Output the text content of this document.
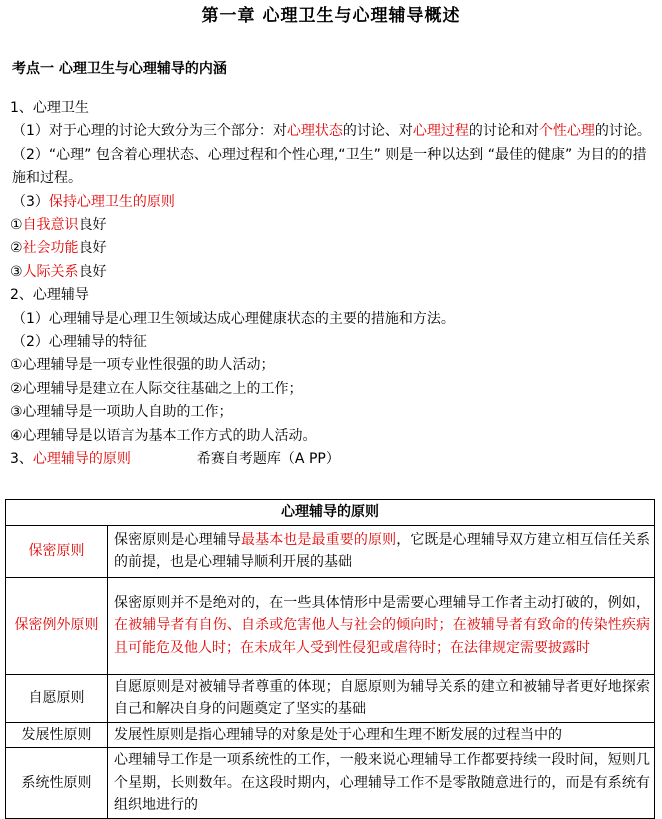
第一章 心理卫生与心理辅导概述
考点一 心理卫生与心理辅导的内涵
1、心理卫生
（1）对于心理的讨论大致分为三个部分：对心理状态的讨论、对心理过程的讨论和对个性心理的讨论。
（2）“心理” 包含着心理状态、心理过程和个性心理,“卫生” 则是一种以达到 “最佳的健康” 为目的的措施和过程。
（3）保持心理卫生的原则
①自我意识良好
②社会功能良好
③人际关系良好
2、心理辅导
（1）心理辅导是心理卫生领域达成心理健康状态的主要的措施和方法。
（2）心理辅导的特征
①心理辅导是一项专业性很强的助人活动；
②心理辅导是建立在人际交往基础之上的工作；
③心理辅导是一项助人自助的工作；
④心理辅导是以语言为基本工作方式的助人活动。
3、心理辅导的原则	希赛自考题库（A PP）
心理辅导的原则	
保密原则	保密原则是心理辅导最基本也是最重要的原则，它既是心理辅导双方建立相互信任关系的前提，也是心理辅导顺利开展的基础
保密例外原则	保密原则并不是绝对的，在一些具体情形中是需要心理辅导工作者主动打破的，例如，在被辅导者有自伤、自杀或危害他人与社会的倾向时；在被辅导者有致命的传染性疾病且可能危及他人时；在未成年人受到性侵犯或虐待时；在法律规定需要披露时
自愿原则	自愿原则是对被辅导者尊重的体现；自愿原则为辅导关系的建立和被辅导者更好地探索自己和解决自身的问题奠定了坚实的基础
发展性原则	发展性原则是指心理辅导的对象是处于心理和生理不断发展的过程当中的
系统性原则	心理辅导工作是一项系统性的工作，一般来说心理辅导工作都要持续一段时间，短则几个星期，长则数年。在这段时期内，心理辅导工作不是零散随意进行的，而是有系统有组织地进行的
